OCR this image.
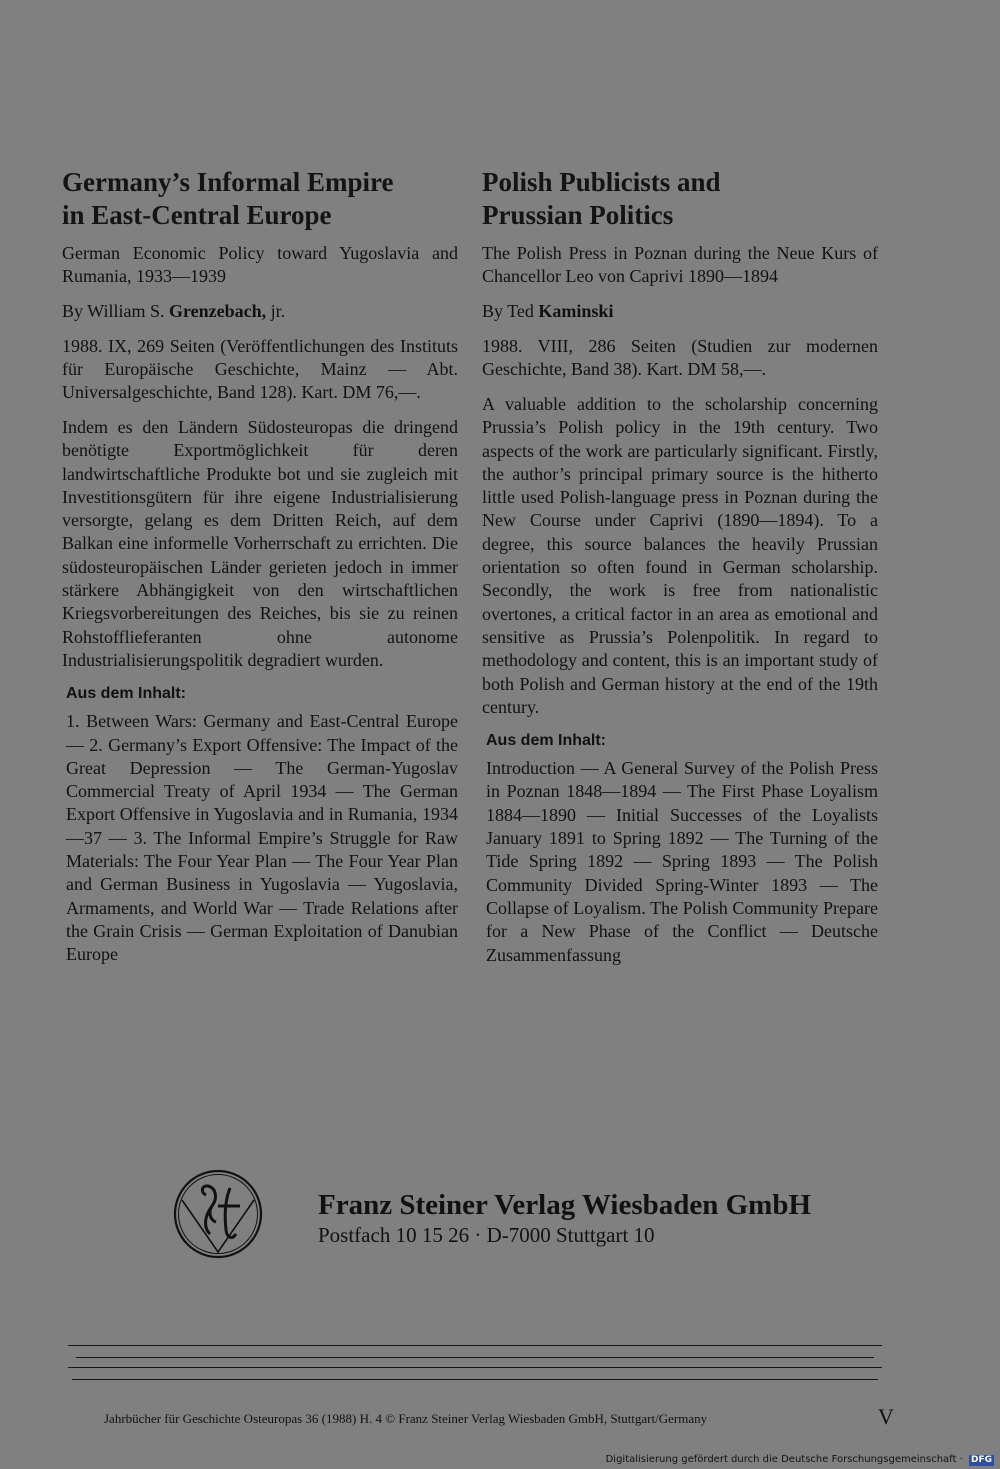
Germany’s Informal Empire
in East-Central Europe

German Economic Policy toward Yugoslavia and Rumania, 1933—1939

By William S. Grenzebach, jr.

1988. IX, 269 Seiten (Veröffentlichungen des Instituts für Europäische Geschichte, Mainz — Abt. Universalgeschichte, Band 128). Kart. DM 76,—.

Indem es den Ländern Südosteuropas die dringend benötigte Exportmöglichkeit für deren landwirtschaftliche Produkte bot und sie zugleich mit Investitionsgütern für ihre eigene Industrialisierung versorgte, gelang es dem Dritten Reich, auf dem Balkan eine informelle Vorherrschaft zu errichten. Die südosteuropäischen Länder gerieten jedoch in immer stärkere Abhängigkeit von den wirtschaftlichen Kriegsvorbereitungen des Reiches, bis sie zu reinen Rohstofflieferanten ohne autonome Industrialisierungspolitik degradiert wurden.

Aus dem Inhalt:

1. Between Wars: Germany and East-Central Europe — 2. Germany’s Export Offensive: The Impact of the Great Depression — The German-Yugoslav Commercial Treaty of April 1934 — The German Export Offensive in Yugoslavia and in Rumania, 1934—37 — 3. The Informal Empire’s Struggle for Raw Materials: The Four Year Plan — The Four Year Plan and German Business in Yugoslavia — Yugoslavia, Armaments, and World War — Trade Relations after the Grain Crisis — German Exploitation of Danubian Europe

Polish Publicists and
Prussian Politics

The Polish Press in Poznan during the Neue Kurs of Chancellor Leo von Caprivi 1890—1894

By Ted Kaminski

1988. VIII, 286 Seiten (Studien zur modernen Geschichte, Band 38). Kart. DM 58,—.

A valuable addition to the scholarship concerning Prussia’s Polish policy in the 19th century. Two aspects of the work are particularly significant. Firstly, the author’s principal primary source is the hitherto little used Polish-language press in Poznan during the New Course under Caprivi (1890—1894). To a degree, this source balances the heavily Prussian orientation so often found in German scholarship. Secondly, the work is free from nationalistic overtones, a critical factor in an area as emotional and sensitive as Prussia’s Polenpolitik. In regard to methodology and content, this is an important study of both Polish and German history at the end of the 19th century.

Aus dem Inhalt:

Introduction — A General Survey of the Polish Press in Poznan 1848—1894 — The First Phase Loyalism 1884—1890 — Initial Successes of the Loyalists January 1891 to Spring 1892 — The Turning of the Tide Spring 1892 — Spring 1893 — The Polish Community Divided Spring-Winter 1893 — The Collapse of Loyalism. The Polish Community Prepare for a New Phase of the Conflict — Deutsche Zusammenfassung

Franz Steiner Verlag Wiesbaden GmbH
Postfach 10 15 26 · D-7000 Stuttgart 10
Jahrbücher für Geschichte Osteuropas 36 (1988) H. 4 © Franz Steiner Verlag Wiesbaden GmbH, Stuttgart/Germany	V
Digitalisierung gefördert durch die Deutsche Forschungsgemeinschaft · DFG
